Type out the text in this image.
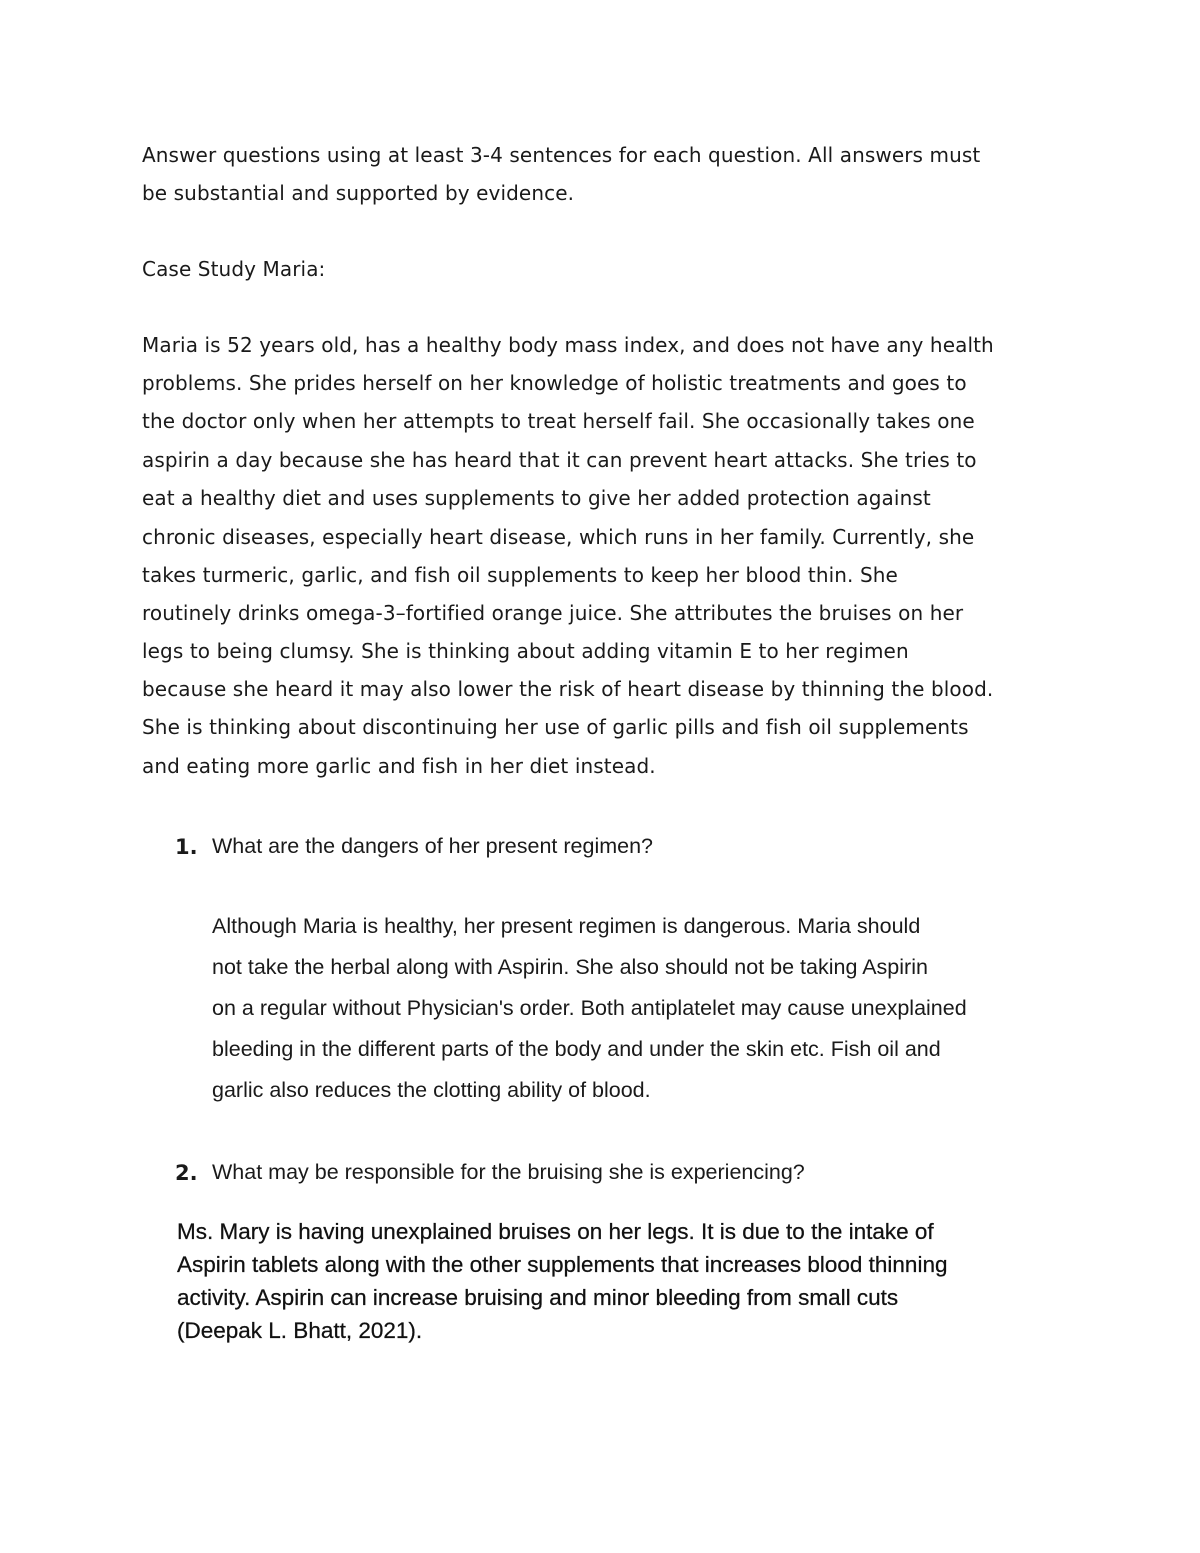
Answer questions using at least 3-4 sentences for each question. All answers must

be substantial and supported by evidence.

Case Study Maria:

Maria is 52 years old, has a healthy body mass index, and does not have any health

problems. She prides herself on her knowledge of holistic treatments and goes to

the doctor only when her attempts to treat herself fail. She occasionally takes one

aspirin a day because she has heard that it can prevent heart attacks. She tries to

eat a healthy diet and uses supplements to give her added protection against

chronic diseases, especially heart disease, which runs in her family. Currently, she

takes turmeric, garlic, and fish oil supplements to keep her blood thin. She

routinely drinks omega-3–fortified orange juice. She attributes the bruises on her

legs to being clumsy. She is thinking about adding vitamin E to her regimen

because she heard it may also lower the risk of heart disease by thinning the blood.

She is thinking about discontinuing her use of garlic pills and fish oil supplements

and eating more garlic and fish in her diet instead.

1. What are the dangers of her present regimen?
Although Maria is healthy, her present regimen is dangerous. Maria should
not take the herbal along with Aspirin. She also should not be taking Aspirin
on a regular without Physician's order. Both antiplatelet may cause unexplained
bleeding in the different parts of the body and under the skin etc. Fish oil and
garlic also reduces the clotting ability of blood.
2. What may be responsible for the bruising she is experiencing?
Ms. Mary is having unexplained bruises on her legs. It is due to the intake of
Aspirin tablets along with the other supplements that increases blood thinning
activity. Aspirin can increase bruising and minor bleeding from small cuts
(Deepak L. Bhatt, 2021).
